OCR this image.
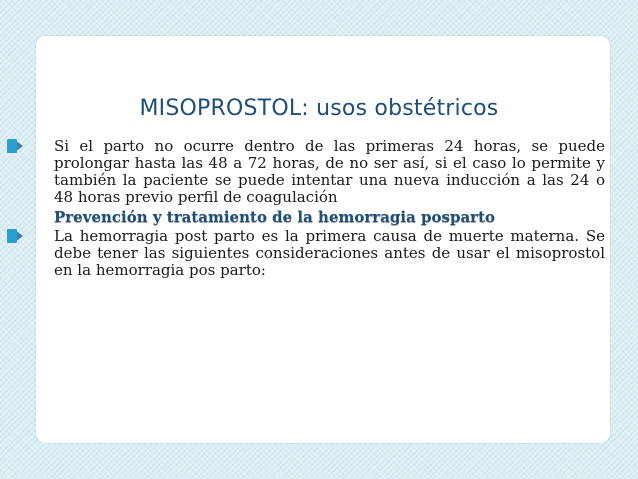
MISOPROSTOL: usos obstétricos
Si el parto no ocurre dentro de las primeras 24 horas, se puede prolongar hasta las 48 a 72 horas, de no ser así, si el caso lo permite y también la paciente se puede intentar una nueva inducción a las 24 o 48 horas previo perfil de coagulación
Prevención y tratamiento de la hemorragia posparto
La hemorragia post parto es la primera causa de muerte materna. Se debe tener las siguientes consideraciones antes de usar el misoprostol en la hemorragia pos parto:
